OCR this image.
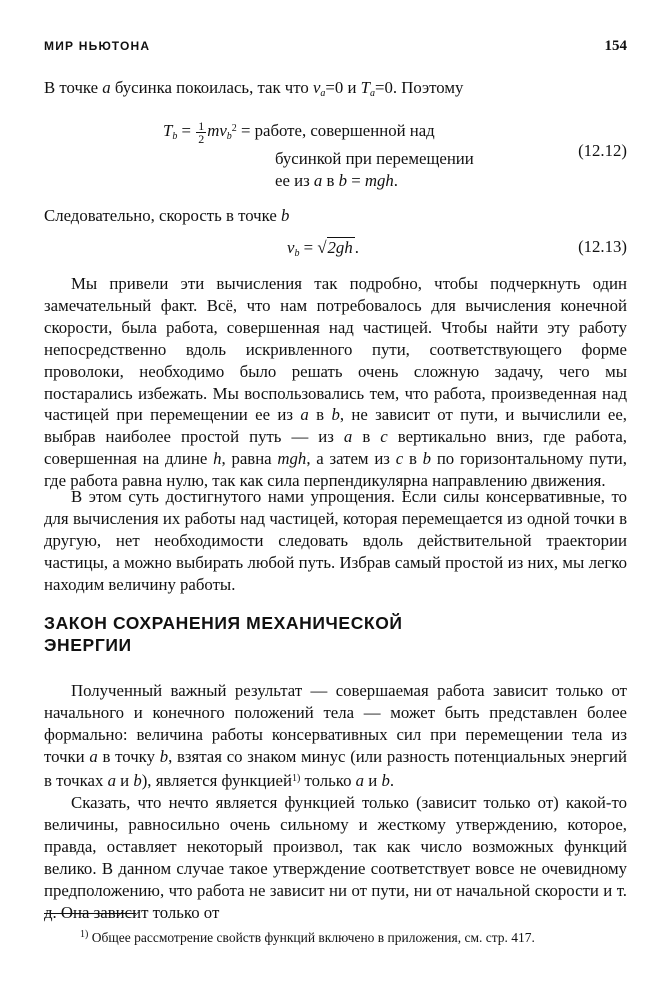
МИР НЬЮТОНА	154

В точке a бусинка покоилась, так что $v_a=0$ и $T_a=0$. Поэтому

$T_b = \frac{1}{2} mv_b^2$ = работе, совершенной над
бусинкой при перемещении
ее из a в b = mgh.
(12.12)

Следовательно, скорость в точке b

$v_b = √2gh$ .	(12.13)

Мы привели эти вычисления так подробно, чтобы подчеркнуть один замечательный факт. Всё, что нам потребовалось для вычисления конечной скорости, была работа, совершенная над частицей. Чтобы найти эту работу непосредственно вдоль искривленного пути, соответствующего форме проволоки, необходимо было решать очень сложную задачу, чего мы постарались избежать. Мы воспользовались тем, что работа, произведенная над частицей при перемещении ее из a в b, не зависит от пути, и вычислили ее, выбрав наиболее простой путь — из a в c вертикально вниз, где работа, совершенная на длине h, равна mgh, а затем из c в b по горизонтальному пути, где работа равна нулю, так как сила перпендикулярна направлению движения.

В этом суть достигнутого нами упрощения. Если силы консервативные, то для вычисления их работы над частицей, которая перемещается из одной точки в другую, нет необходимости следовать вдоль действительной траектории частицы, а можно выбирать любой путь. Избрав самый простой из них, мы легко находим величину работы.

ЗАКОН СОХРАНЕНИЯ МЕХАНИЧЕСКОЙ ЭНЕРГИИ

Полученный важный результат — совершаемая работа зависит только от начального и конечного положений тела — может быть представлен более формально: величина работы консервативных сил при перемещении тела из точки a в точку b, взятая со знаком минус (или разность потенциальных энергий в точках a и b), является функцией$^{1)}$ только a и b.

Сказать, что нечто является функцией только (зависит только от) какой-то величины, равносильно очень сильному и жесткому утверждению, которое, правда, оставляет некоторый произвол, так как число возможных функций велико. В данном случае такое утверждение соответствует вовсе не очевидному предположению, что работа не зависит ни от пути, ни от начальной скорости и т. д. Она зависит только от

$^{1)}$ Общее рассмотрение свойств функций включено в приложения, см. стр. 417.
